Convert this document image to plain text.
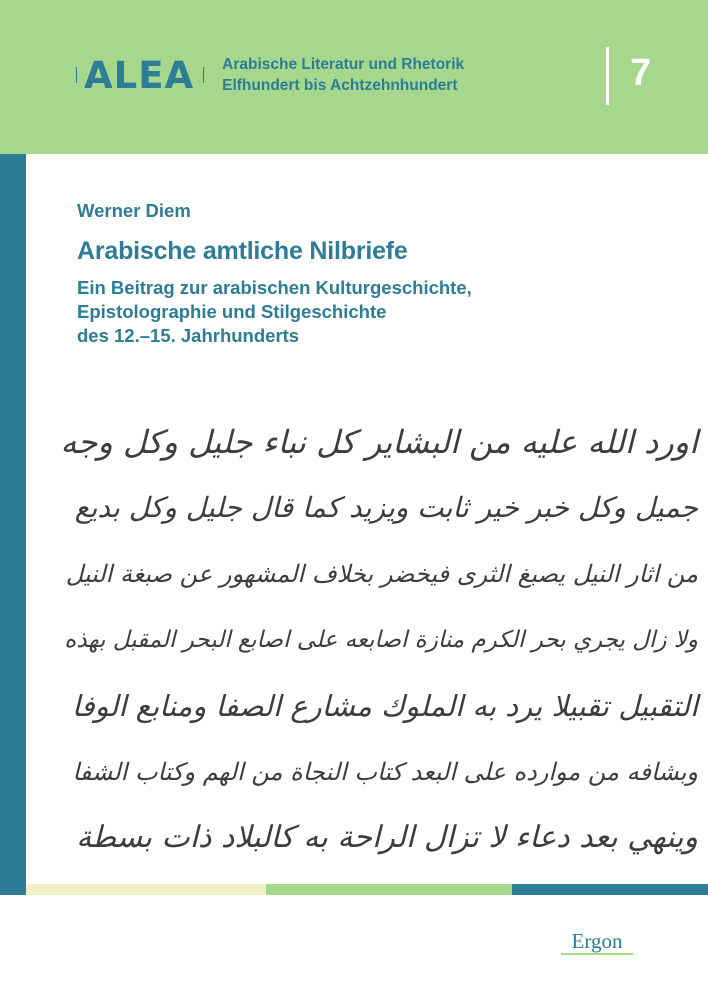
ALEA Arabische Literatur und Rhetorik
Elfhundert bis Achtzehnhundert	7
Werner Diem
Arabische amtliche Nilbriefe
Ein Beitrag zur arabischen Kulturgeschichte,
Epistolographie und Stilgeschichte
des 12.–15. Jahrhunderts
اورد الله عليه من البشاير كل نباء جليل وكل وجه
جميل وكل خبر خير ثابت ويزيد كما قال جليل وكل بديع
من اثار النيل يصبغ الثرى فيخضر بخلاف المشهور عن صبغة النيل
ولا زال يجري بحر الكرم منازة اصابعه على اصابع البحر المقبل بهذه
التقبيل تقبيلا يرد به الملوك مشارع الصفا ومنابع الوفا
وبشافه من موارده على البعد كتاب النجاة من الهم وكتاب الشفا
وينهي بعد دعاء لا تزال الراحة به كالبلاد ذات بسطة
Ergon
